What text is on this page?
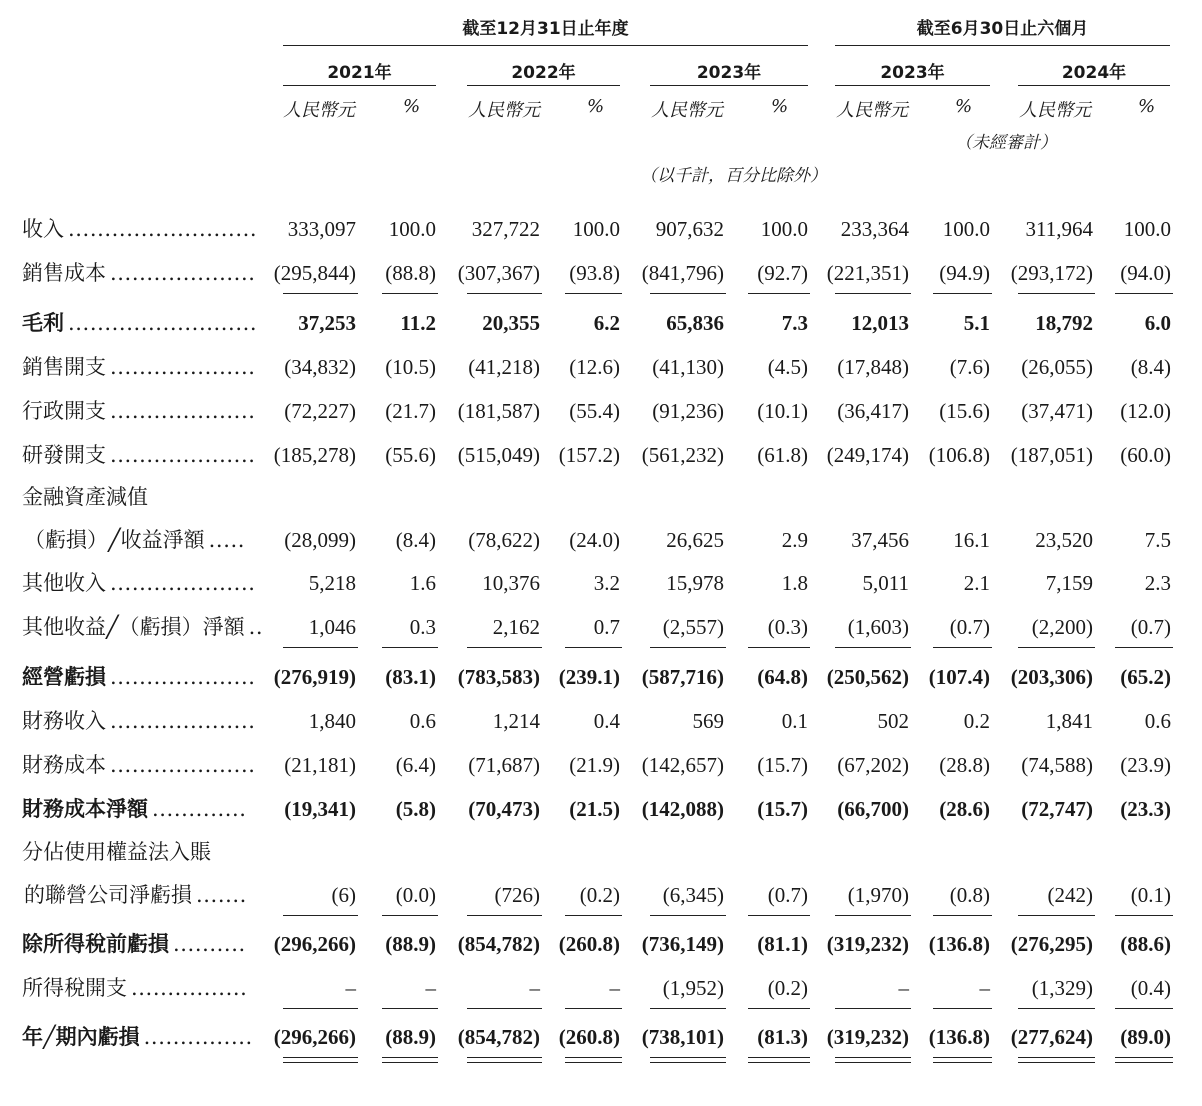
截至12月31日止年度	截至6月30日止六個月
2021年	2022年	2023年	2023年	2024年
人民幣元	%	人民幣元	%	人民幣元	%	人民幣元	%	人民幣元	%
（未經審計）
（以千計，百分比除外）
收入 .......................... 333,097 100.0 327,722 100.0 907,632 100.0 233,364 100.0 311,964 100.0
銷售成本 .................... (295,844) (88.8) (307,367) (93.8) (841,796) (92.7) (221,351) (94.9) (293,172) (94.0)
毛利 .......................... 37,253 11.2 20,355	6.2 65,836	7.3 12,013	5.1 18,792 6.0
銷售開支 .................... (34,832) (10.5) (41,218) (12.6) (41,130) (4.5) (17,848) (7.6) (26,055) (8.4)
行政開支 .................... (72,227) (21.7) (181,587) (55.4) (91,236) (10.1) (36,417) (15.6) (37,471) (12.0)
研發開支 .................... (185,278) (55.6) (515,049) (157.2) (561,232) (61.8) (249,174) (106.8) (187,051) (60.0)
金融資產減值
（虧損）╱收益淨額 ..... (28,099) (8.4) (78,622) (24.0) 26,625	2.9 37,456 16.1 23,520 7.5
其他收入 ....................	5,218	1.6 10,376	3.2 15,978	1.8	5,011	2.1	7,159 2.3
其他收益╱（虧損）淨額 .. 1,046	0.3	2,162	0.7 (2,557) (0.3) (1,603) (0.7) (2,200) (0.7)
經營虧損 .................... (276,919) (83.1) (783,583) (239.1) (587,716) (64.8) (250,562) (107.4) (203,306) (65.2)
財務收入 ....................	1,840	0.6	1,214	0.4	569	0.1	502	0.2	1,841 0.6
財務成本 .................... (21,181) (6.4) (71,687) (21.9) (142,657) (15.7) (67,202) (28.8) (74,588) (23.9)
財務成本淨額 ............. (19,341) (5.8) (70,473) (21.5) (142,088) (15.7) (66,700) (28.6) (72,747) (23.3)
分佔使用權益法入賬
的聯營公司淨虧損 .......	(6) (0.0)	(726) (0.2) (6,345) (0.7) (1,970) (0.8)	(242) (0.1)
除所得稅前虧損 .......... (296,266) (88.9) (854,782) (260.8) (736,149) (81.1) (319,232) (136.8) (276,295) (88.6)
所得稅開支 ................	–	–	–	– (1,952) (0.2)	–	– (1,329) (0.4)
年╱期內虧損 ............... (296,266) (88.9) (854,782) (260.8) (738,101) (81.3) (319,232) (136.8) (277,624) (89.0)
